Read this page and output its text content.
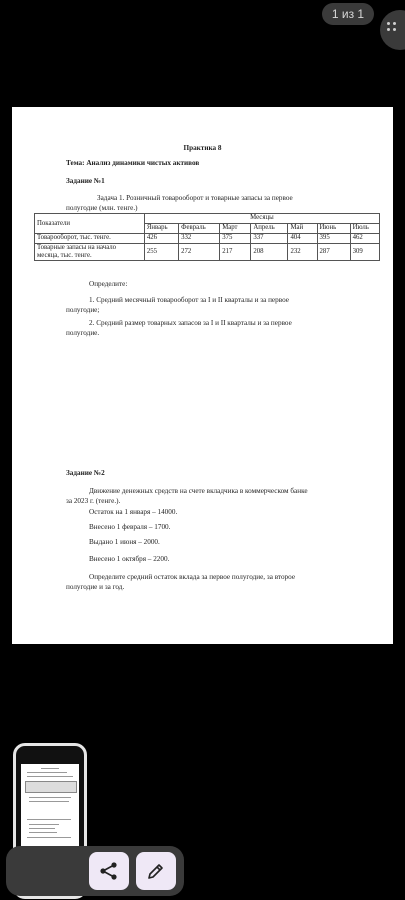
1 из 1
Практика 8
Тема: Анализ динамики чистых активов
Задание №1
Задача 1. Розничный товарооборот и товарные запасы за первое
полугодие (млн. тенге.)
Показатели	Месяцы						
	Январь	Февраль	Март	Апрель	Май	Июнь	Июль
Товарооборот, тыс. тенге.	426	332	375	337	404	395	462
Товарные запасы на начало
месяца, тыс. тенге.	255	272	217	208	232	287	309
Определите:
1. Средний месячный товарооборот за I и II кварталы и за первое
полугодие;
2. Средний размер товарных запасов за I и II кварталы и за первое
полугодие.
Задание №2
Движение денежных средств на счете вкладчика в коммерческом банке
за 2023 г. (тенге.).
Остаток на 1 января – 14000.
Внесено 1 февраля – 1700.
Выдано 1 июня – 2000.
Внесено 1 октября – 2200.
Определите средний остаток вклада за первое полугодие, за второе
полугодие и за год.
